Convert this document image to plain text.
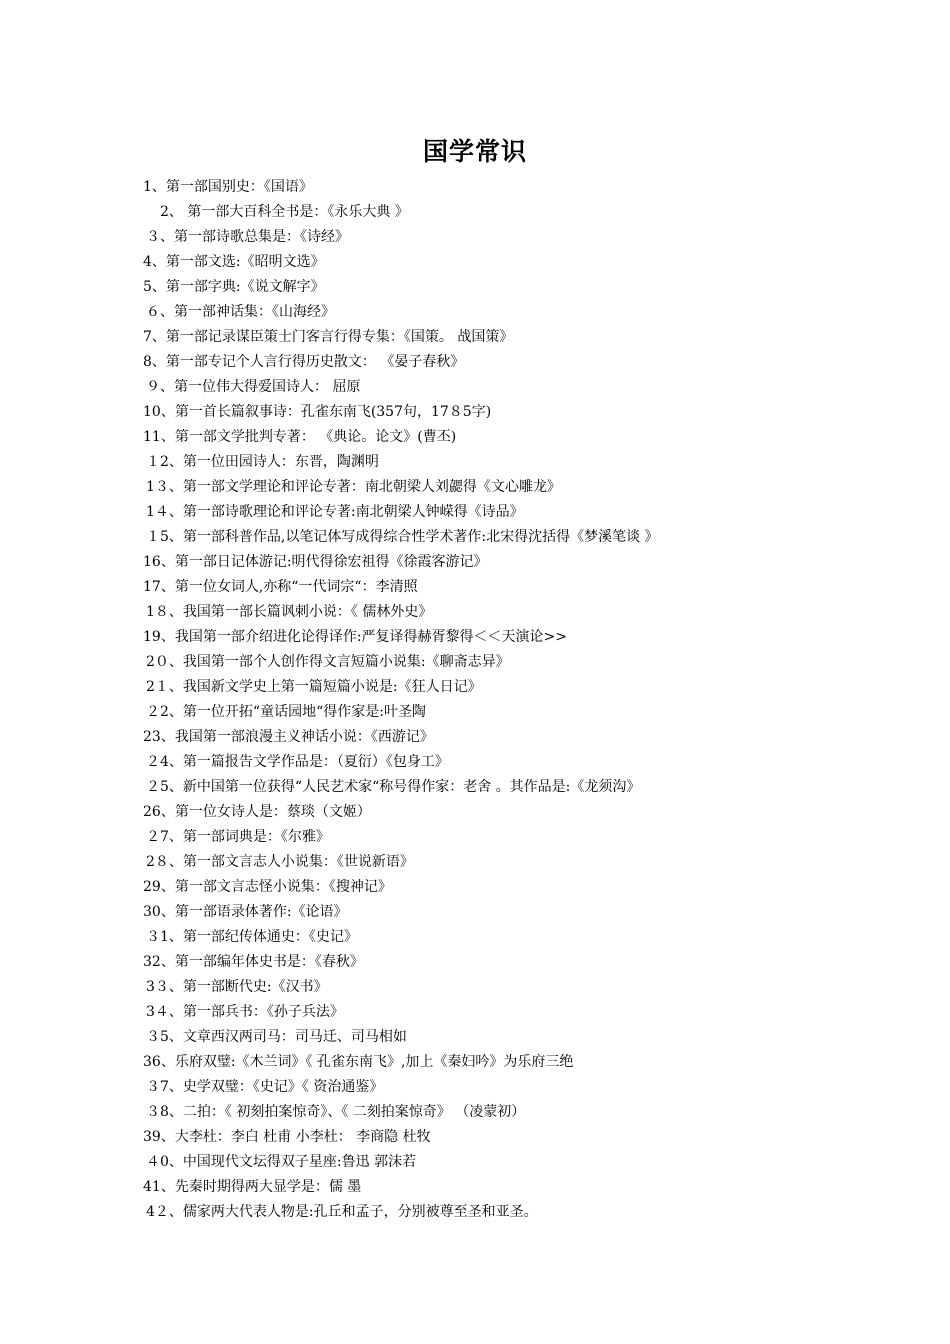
国学常识
1、第一部国别史：《国语》
2、 第一部大百科全书是：《永乐大典 》
３、第一部诗歌总集是：《诗经》
4、第一部文选:《昭明文选》
5、第一部字典:《说文解字》
６、第一部神话集：《山海经》
7、第一部记录谋臣策士门客言行得专集：《国策。 战国策》
8、第一部专记个人言行得历史散文： 《晏子春秋》
９、第一位伟大得爱国诗人： 屈原
10、第一首长篇叙事诗：孔雀东南飞(357句，17８5字)
11、第一部文学批判专著： 《典论。论文》(曹丕)
１2、第一位田园诗人：东晋，陶渊明
1３、第一部文学理论和评论专著：南北朝梁人刘勰得《文心雕龙》
1４、第一部诗歌理论和评论专著:南北朝梁人钟嵘得《诗品》
１5、第一部科普作品,以笔记体写成得综合性学术著作:北宋得沈括得《梦溪笔谈 》
16、第一部日记体游记:明代得徐宏祖得《徐霞客游记》
17、第一位女词人,亦称“一代词宗“：李清照
1８、我国第一部长篇讽刺小说：《 儒林外史》
19、我国第一部介绍进化论得译作:严复译得赫胥黎得＜＜天演论>>
2０、我国第一部个人创作得文言短篇小说集:《聊斋志异》
2１、我国新文学史上第一篇短篇小说是:《狂人日记》
２2、第一位开拓“童话园地“得作家是:叶圣陶
23、我国第一部浪漫主义神话小说：《西游记》
２4、第一篇报告文学作品是：（夏衍）《包身工》
２5、新中国第一位获得“人民艺术家“称号得作家：老舍 。其作品是:《龙须沟》
26、第一位女诗人是：蔡琰（文姬）
２7、第一部词典是：《尔雅》
2８、第一部文言志人小说集：《世说新语》
29、第一部文言志怪小说集：《搜神记》
30、第一部语录体著作:《论语》
３1、第一部纪传体通史：《史记》
32、第一部编年体史书是：《春秋》
3３、第一部断代史:《汉书》
3４、第一部兵书：《孙子兵法》
３5、文章西汉两司马：司马迁、司马相如
36、乐府双璧:《木兰词》《 孔雀东南飞》,加上《秦妇吟》为乐府三绝
３7、史学双璧：《史记》《 资治通鉴》
３8、二拍：《 初刻拍案惊奇》、《 二刻拍案惊奇》 （凌蒙初）
39、大李杜：李白 杜甫 小李杜： 李商隐 杜牧
４0、中国现代文坛得双子星座:鲁迅 郭沫若
41、先秦时期得两大显学是：儒 墨
4２、儒家两大代表人物是:孔丘和孟子，分别被尊至圣和亚圣。
